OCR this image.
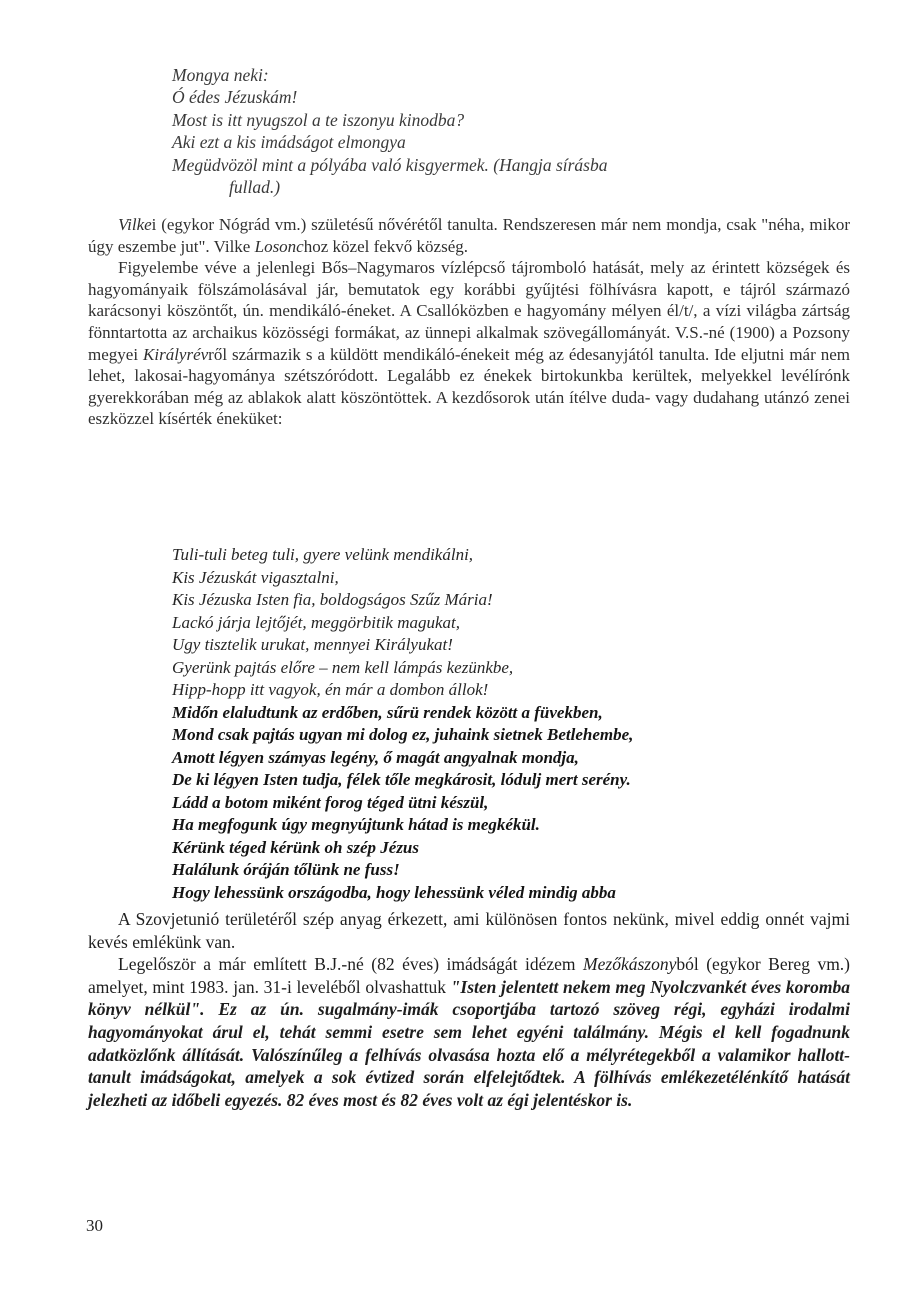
Mongya neki:
Ó édes Jézuskám!
Most is itt nyugszol a te iszonyu kinodba?
Aki ezt a kis imádságot elmongya
Megüdvözöl mint a pólyába való kisgyermek. (Hangja sírásba
fullad.)

Vilkei (egykor Nógrád vm.) születésű nővérétől tanulta. Rendszeresen már nem mondja, csak "néha, mikor úgy eszembe jut". Vilke Losonchoz közel fekvő község.

Figyelembe véve a jelenlegi Bős–Nagymaros vízlépcső tájromboló hatását, mely az érintett községek és hagyományaik fölszámolásával jár, bemutatok egy korábbi gyűjtési fölhívásra kapott, e tájról származó karácsonyi köszöntőt, ún. mendikáló-éneket. A Csallóközben e hagyomány mélyen él/t/, a vízi világba zártság fönntartotta az archaikus közösségi formákat, az ünnepi alkalmak szövegállományát. V.S.-né (1900) a Pozsony megyei Királyrévről származik s a küldött mendikáló-énekeit még az édesanyjától tanulta. Ide eljutni már nem lehet, lakosai-hagyománya szétszóródott. Legalább ez énekek birtokunkba kerültek, melyekkel levélírónk gyerekkorában még az ablakok alatt köszöntöttek. A kezdősorok után ítélve duda- vagy dudahang utánzó zenei eszközzel kísérték éneküket:

Tuli-tuli beteg tuli, gyere velünk mendikálni,
Kis Jézuskát vigasztalni,
Kis Jézuska Isten fia, boldogságos Szűz Mária!
Lackó járja lejtőjét, meggörbitik magukat,
Ugy tisztelik urukat, mennyei Királyukat!
Gyerünk pajtás előre – nem kell lámpás kezünkbe,
Hipp-hopp itt vagyok, én már a dombon állok!
Midőn elaludtunk az erdőben, sűrü rendek között a füvekben,
Mond csak pajtás ugyan mi dolog ez, juhaink sietnek Betlehembe,
Amott légyen számyas legény, ő magát angyalnak mondja,
De ki légyen Isten tudja, félek tőle megkárosit, lódulj mert serény.
Ládd a botom miként forog téged ütni készül,
Ha megfogunk úgy megnyújtunk hátad is megkékül.
Kérünk téged kérünk oh szép Jézus
Halálunk óráján tőlünk ne fuss!
Hogy lehessünk országodba, hogy lehessünk véled mindig abba

A Szovjetunió területéről szép anyag érkezett, ami különösen fontos nekünk, mivel eddig onnét vajmi kevés emlékünk van.

Legelőször a már említett B.J.-né (82 éves) imádságát idézem Mezőkászonyból (egykor Bereg vm.) amelyet, mint 1983. jan. 31-i leveléből olvashattuk "Isten jelentett nekem meg Nyolczvankét éves koromba könyv nélkül". Ez az ún. sugalmány-imák csoportjába tartozó szöveg régi, egyházi irodalmi hagyományokat árul el, tehát semmi esetre sem lehet egyéni találmány. Mégis el kell fogadnunk adatközlőnk állítását. Valószínűleg a felhívás olvasása hozta elő a mélyrétegekből a valamikor hallott-tanult imádságokat, amelyek a sok évtized során elfelejtődtek. A fölhívás emlékezetélénkítő hatását jelezheti az időbeli egyezés. 82 éves most és 82 éves volt az égi jelentéskor is.

30
